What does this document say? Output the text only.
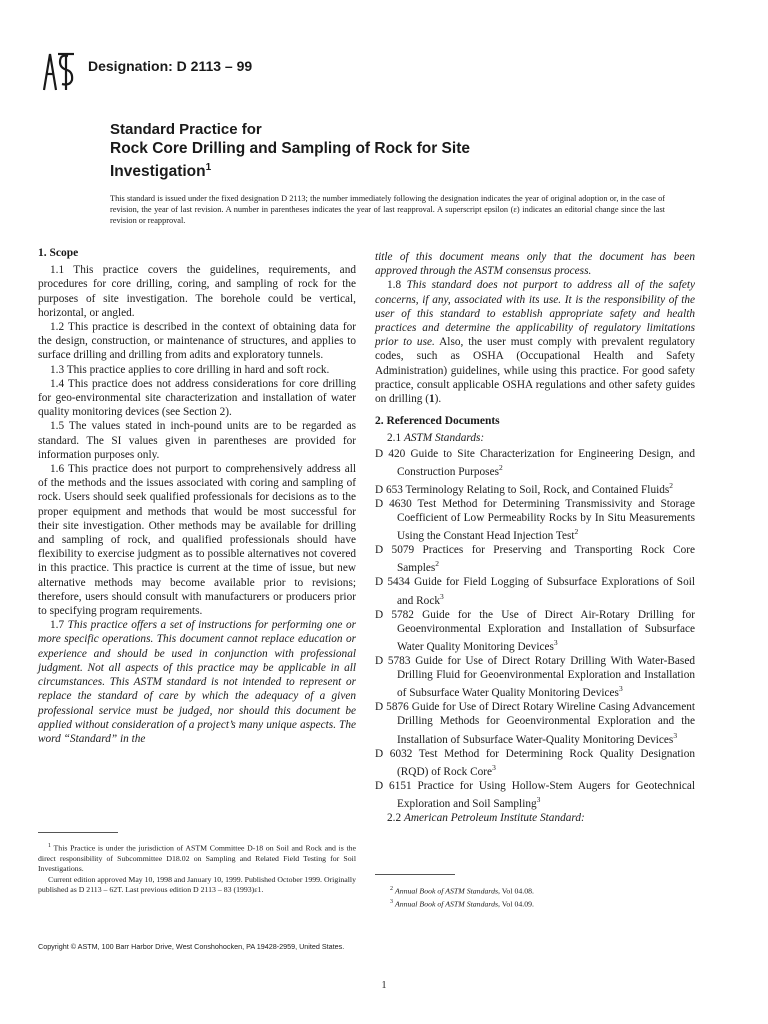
Designation: D 2113 – 99
Standard Practice for
Rock Core Drilling and Sampling of Rock for Site
Investigation$^1$
This standard is issued under the fixed designation D 2113; the number immediately following the designation indicates the year of original adoption or, in the case of revision, the year of last revision. A number in parentheses indicates the year of last reapproval. A superscript epsilon (ε) indicates an editorial change since the last revision or reapproval.
1. Scope

1.1 This practice covers the guidelines, requirements, and procedures for core drilling, coring, and sampling of rock for the purposes of site investigation. The borehole could be vertical, horizontal, or angled.

1.2 This practice is described in the context of obtaining data for the design, construction, or maintenance of structures, and applies to surface drilling and drilling from adits and exploratory tunnels.

1.3 This practice applies to core drilling in hard and soft rock.

1.4 This practice does not address considerations for core drilling for geo-environmental site characterization and installation of water quality monitoring devices (see Section 2).

1.5 The values stated in inch-pound units are to be regarded as standard. The SI values given in parentheses are provided for information purposes only.

1.6 This practice does not purport to comprehensively address all of the methods and the issues associated with coring and sampling of rock. Users should seek qualified professionals for decisions as to the proper equipment and methods that would be most successful for their site investigation. Other methods may be available for drilling and sampling of rock, and qualified professionals should have flexibility to exercise judgment as to possible alternatives not covered in this practice. This practice is current at the time of issue, but new alternative methods may become available prior to revisions; therefore, users should consult with manufacturers or producers prior to specifying program requirements.

1.7 This practice offers a set of instructions for performing one or more specific operations. This document cannot replace education or experience and should be used in conjunction with professional judgment. Not all aspects of this practice may be applicable in all circumstances. This ASTM standard is not intended to represent or replace the standard of care by which the adequacy of a given professional service must be judged, nor should this document be applied without consideration of a project’s many unique aspects. The word “Standard” in the

title of this document means only that the document has been approved through the ASTM consensus process.

1.8 This standard does not purport to address all of the safety concerns, if any, associated with its use. It is the responsibility of the user of this standard to establish appropriate safety and health practices and determine the applicability of regulatory limitations prior to use. Also, the user must comply with prevalent regulatory codes, such as OSHA (Occupational Health and Safety Administration) guidelines, while using this practice. For good safety practice, consult applicable OSHA regulations and other safety guides on drilling (1).

2. Referenced Documents

2.1 ASTM Standards:

D 420 Guide to Site Characterization for Engineering Design, and Construction Purposes$^2$

D 653 Terminology Relating to Soil, Rock, and Contained Fluids$^2$

D 4630 Test Method for Determining Transmissivity and Storage Coefficient of Low Permeability Rocks by In Situ Measurements Using the Constant Head Injection Test$^2$

D 5079 Practices for Preserving and Transporting Rock Core Samples$^2$

D 5434 Guide for Field Logging of Subsurface Explorations of Soil and Rock$^3$

D 5782 Guide for the Use of Direct Air-Rotary Drilling for Geoenvironmental Exploration and Installation of Subsurface Water Quality Monitoring Devices$^3$

D 5783 Guide for Use of Direct Rotary Drilling With Water-Based Drilling Fluid for Geoenvironmental Exploration and Installation of Subsurface Water Quality Monitoring Devices$^3$

D 5876 Guide for Use of Direct Rotary Wireline Casing Advancement Drilling Methods for Geoenvironmental Exploration and the Installation of Subsurface Water-Quality Monitoring Devices$^3$

D 6032 Test Method for Determining Rock Quality Designation (RQD) of Rock Core$^3$

D 6151 Practice for Using Hollow-Stem Augers for Geotechnical Exploration and Soil Sampling$^3$

2.2 American Petroleum Institute Standard:

$^1$ This Practice is under the jurisdiction of ASTM Committee D-18 on Soil and Rock and is the direct responsibility of Subcommittee D18.02 on Sampling and Related Field Testing for Soil Investigations.

Current edition approved May 10, 1998 and January 10, 1999. Published October 1999. Originally published as D 2113 – 62T. Last previous edition D 2113 – 83 (1993)ε1.	$^2$ Annual Book of ASTM Standards, Vol 04.08.

$^3$ Annual Book of ASTM Standards, Vol 04.09.

Copyright © ASTM, 100 Barr Harbor Drive, West Conshohocken, PA 19428-2959, United States.
1
